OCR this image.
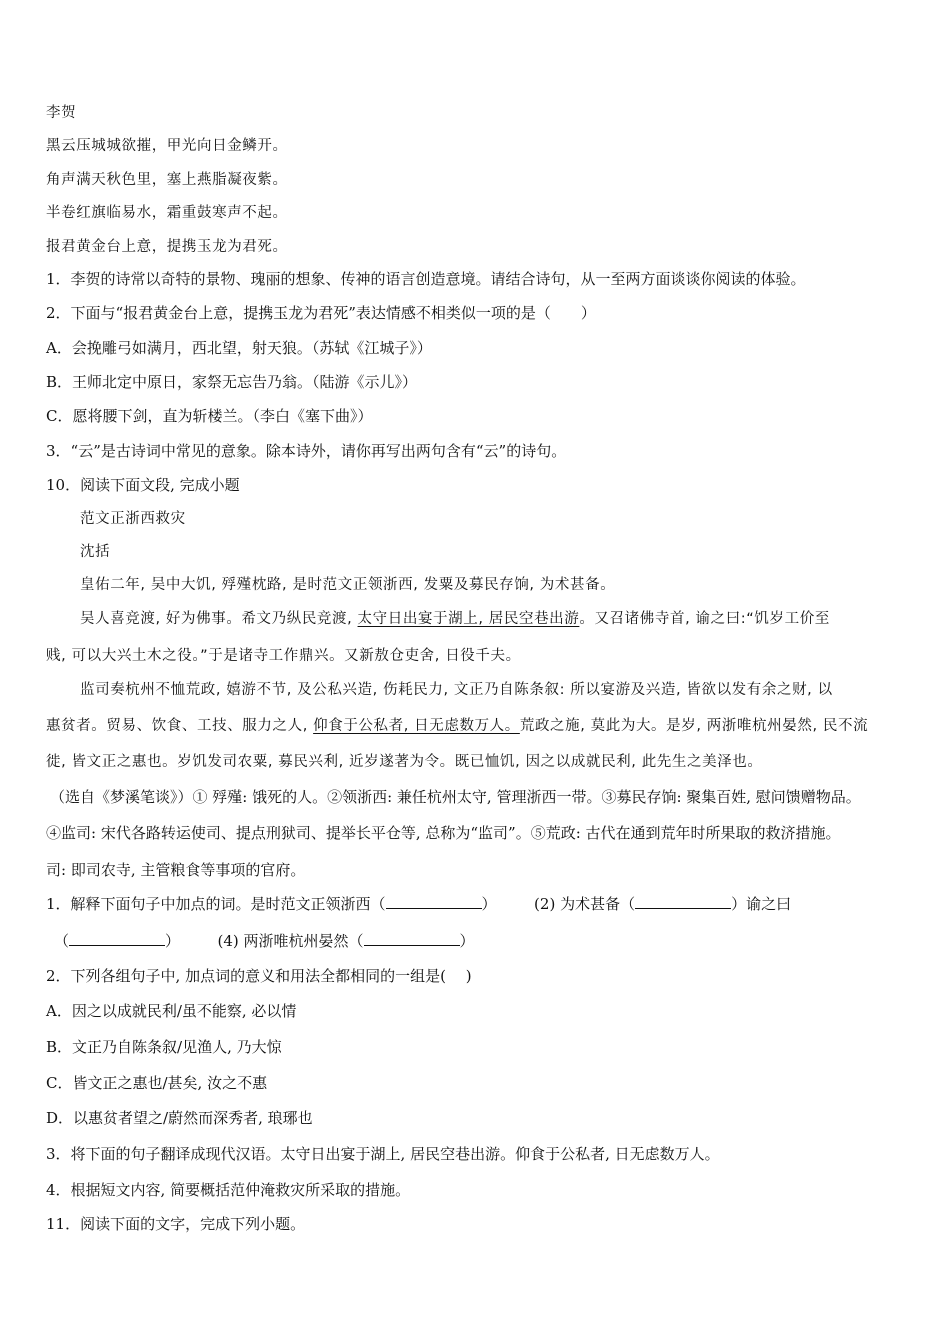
李贺
黑云压城城欲摧，甲光向日金鳞开。
角声满天秋色里，塞上燕脂凝夜紫。
半卷红旗临易水，霜重鼓寒声不起。
报君黄金台上意，提携玉龙为君死。
1．李贺的诗常以奇特的景物、瑰丽的想象、传神的语言创造意境。请结合诗句，从一至两方面谈谈你阅读的体验。
2．下面与“报君黄金台上意，提携玉龙为君死”表达情感不相类似一项的是（　　）
A．会挽雕弓如满月，西北望，射天狼。（苏轼《江城子》）
B．王师北定中原日，家祭无忘告乃翁。（陆游《示儿》）
C．愿将腰下剑，直为斩楼兰。（李白《塞下曲》）
3．“云”是古诗词中常见的意象。除本诗外，请你再写出两句含有“云”的诗句。
10．阅读下面文段, 完成小题
范文正浙西救灾
沈括
皇佑二年, 吴中大饥, 殍殣枕路, 是时范文正领浙西, 发粟及募民存饷, 为术甚备。
吴人喜竞渡, 好为佛事。希文乃纵民竞渡, 太守日出宴于湖上, 居民空巷出游。又召诸佛寺首, 谕之曰:“饥岁工价至
贱, 可以大兴土木之役。”于是诸寺工作鼎兴。又新敖仓吏舍, 日役千夫。
监司奏杭州不恤荒政, 嬉游不节, 及公私兴造, 伤耗民力, 文正乃自陈条叙: 所以宴游及兴造, 皆欲以发有余之财, 以
惠贫者。贸易、饮食、工技、服力之人, 仰食于公私者, 日无虑数万人。荒政之施, 莫此为大。是岁, 两浙唯杭州晏然, 民不流
徙, 皆文正之惠也。岁饥发司农粟, 募民兴利, 近岁遂著为令。既已恤饥, 因之以成就民利, 此先生之美泽也。
（选自《梦溪笔谈》）① 殍殣: 饿死的人。②领浙西: 兼任杭州太守, 管理浙西一带。③募民存饷: 聚集百姓, 慰问馈赠物品。
④监司: 宋代各路转运使司、提点刑狱司、提举长平仓等, 总称为“监司”。⑤荒政: 古代在通到荒年时所果取的救济措施。
司: 即司农寺, 主管粮食等事项的官府。
1．解释下面句子中加点的词。是时范文正领浙西（	）　　　(2) 为术甚备（	）谕之曰
（	）　　　(4) 两浙唯杭州晏然（	）
2．下列各组句子中, 加点词的意义和用法全都相同的一组是(　 )
A．因之以成就民利/虽不能察, 必以情
B．文正乃自陈条叙/见渔人, 乃大惊
C．皆文正之惠也/甚矣, 汝之不惠
D．以惠贫者望之/蔚然而深秀者, 琅琊也
3．将下面的句子翻译成现代汉语。太守日出宴于湖上, 居民空巷出游。仰食于公私者, 日无虑数万人。
4．根据短文内容, 简要概括范仲淹救灾所采取的措施。
11．阅读下面的文字，完成下列小题。
